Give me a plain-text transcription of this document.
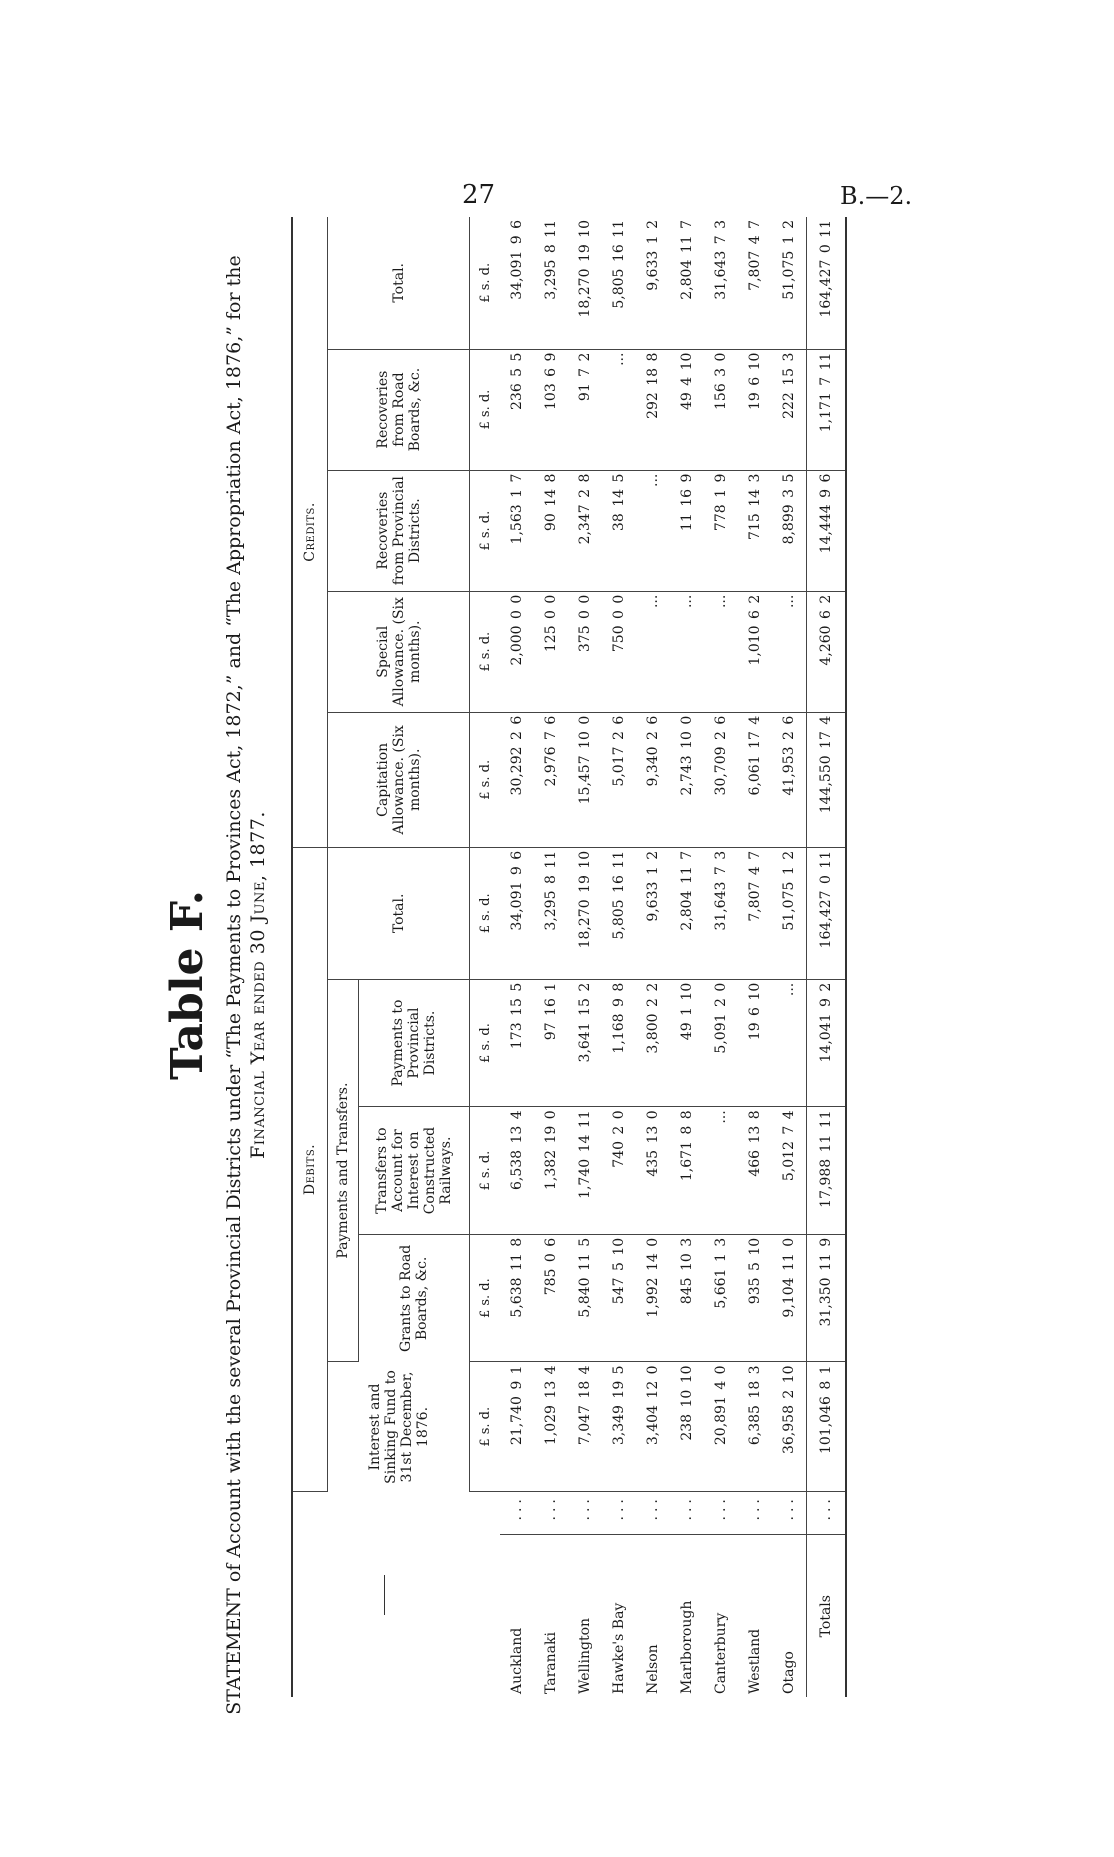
27	B.—2.
Table F. STATEMENT of Account with the several Provincial Districts under “The Payments to Provinces Act, 1872,” and “The Appropriation Act, 1876,” for the Financial Year ended 30 June, 1877.
		Debits.					Credits.				
		Interest and Sinking Fund to 31st December, 1876.	Payments and Transfers.			Total.	Capitation Allowance. (Six months).	Special Allowance. (Six months).	Recoveries from Provincial Districts.	Recoveries from Road Boards, &c.	Total.
			Grants to Road Boards, &c.	Transfers to Account for Interest on Constructed Railways.	Payments to Provincial Districts.						
		£ s. d.	£ s. d.	£ s. d.	£ s. d.	£ s. d.	£ s. d.	£ s. d.	£ s. d.	£ s. d.	£ s. d.
Auckland	...	21,740 9 1	5,638 11 8	6,538 13 4	173 15 5	34,091 9 6	30,292 2 6	2,000 0 0	1,563 1 7	236 5 5	34,091 9 6
Taranaki	...	1,029 13 4	785 0 6	1,382 19 0	97 16 1	3,295 8 11	2,976 7 6	125 0 0	90 14 8	103 6 9	3,295 8 11
Wellington	...	7,047 18 4	5,840 11 5	1,740 14 11	3,641 15 2	18,270 19 10	15,457 10 0	375 0 0	2,347 2 8	91 7 2	18,270 19 10
Hawke's Bay	...	3,349 19 5	547 5 10	740 2 0	1,168 9 8	5,805 16 11	5,017 2 6	750 0 0	38 14 5	...	5,805 16 11
Nelson	...	3,404 12 0	1,992 14 0	435 13 0	3,800 2 2	9,633 1 2	9,340 2 6	...	...	292 18 8	9,633 1 2
Marlborough	...	238 10 10	845 10 3	1,671 8 8	49 1 10	2,804 11 7	2,743 10 0	...	11 16 9	49 4 10	2,804 11 7
Canterbury	...	20,891 4 0	5,661 1 3	...	5,091 2 0	31,643 7 3	30,709 2 6	...	778 1 9	156 3 0	31,643 7 3
Westland	...	6,385 18 3	935 5 10	466 13 8	19 6 10	7,807 4 7	6,061 17 4	1,010 6 2	715 14 3	19 6 10	7,807 4 7
Otago	...	36,958 2 10	9,104 11 0	5,012 7 4	...	51,075 1 2	41,953 2 6	...	8,899 3 5	222 15 3	51,075 1 2
Totals	...	101,046 8 1	31,350 11 9	17,988 11 11	14,041 9 2	164,427 0 11	144,550 17 4	4,260 6 2	14,444 9 6	1,171 7 11	164,427 0 11
